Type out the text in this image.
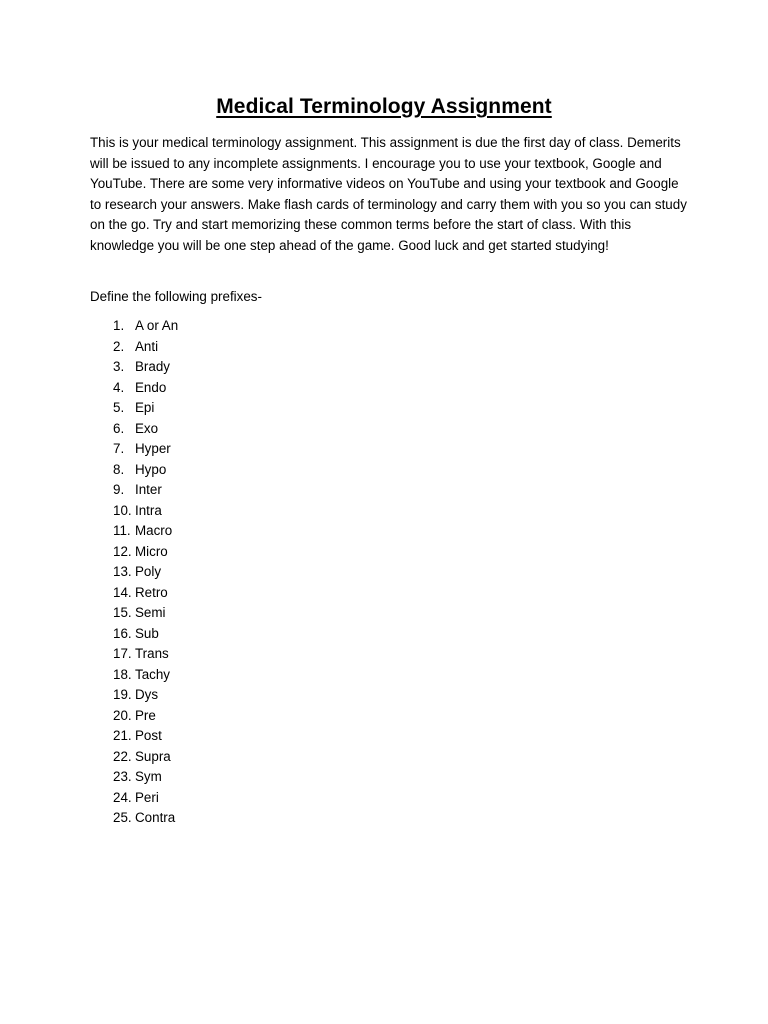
Medical Terminology Assignment

This is your medical terminology assignment. This assignment is due the first day of class. Demerits will be issued to any incomplete assignments. I encourage you to use your textbook, Google and YouTube. There are some very informative videos on YouTube and using your textbook and Google to research your answers. Make flash cards of terminology and carry them with you so you can study on the go. Try and start memorizing these common terms before the start of class. With this knowledge you will be one step ahead of the game. Good luck and get started studying!

Define the following prefixes-

1. A or An
2. Anti
3. Brady
4. Endo
5. Epi
6. Exo
7. Hyper
8. Hypo
9. Inter
10. Intra
11. Macro
12. Micro
13. Poly
14. Retro
15. Semi
16. Sub
17. Trans
18. Tachy
19. Dys
20. Pre
21. Post
22. Supra
23. Sym
24. Peri
25. Contra
